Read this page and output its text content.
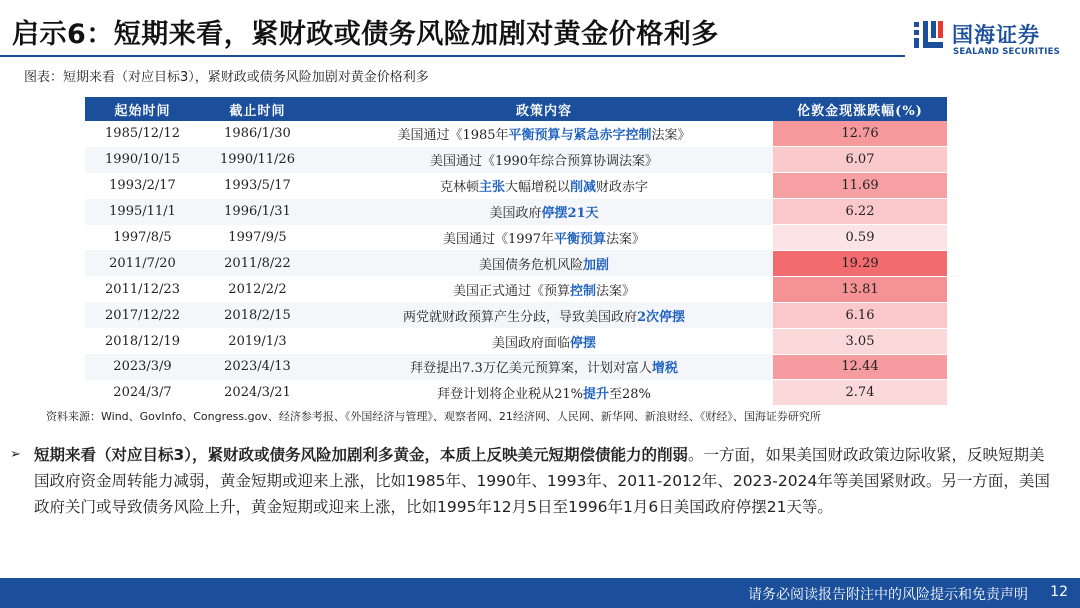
启示6：短期来看，紧财政或债务风险加剧对黄金价格利多	国海证券
SEALAND SECURITIES
图表：短期来看（对应目标3），紧财政或债务风险加剧对黄金价格利多
起始时间	截止时间	政策内容	伦敦金现涨跌幅(%)
1985/12/12	1986/1/30	美国通过《1985年平衡预算与紧急赤字控制法案》	12.76
1990/10/15	1990/11/26	美国通过《1990年综合预算协调法案》	6.07
1993/2/17	1993/5/17	克林顿主张大幅增税以削减财政赤字	11.69
1995/11/1	1996/1/31	美国政府停摆21天	6.22
1997/8/5	1997/9/5	美国通过《1997年平衡预算法案》	0.59
2011/7/20	2011/8/22	美国债务危机风险加剧	19.29
2011/12/23	2012/2/2	美国正式通过《预算控制法案》	13.81
2017/12/22	2018/2/15	两党就财政预算产生分歧，导致美国政府2次停摆	6.16
2018/12/19	2019/1/3	美国政府面临停摆	3.05
2023/3/9	2023/4/13	拜登提出7.3万亿美元预算案，计划对富人增税	12.44
2024/3/7	2024/3/21	拜登计划将企业税从21%提升至28%	2.74
资料来源：Wind、GovInfo、Congress.gov、经济参考报、《外国经济与管理》、观察者网、21经济网、人民网、新华网、新浪财经、《财经》、国海证券研究所
➢ 短期来看（对应目标3），紧财政或债务风险加剧利多黄金，本质上反映美元短期偿债能力的削弱。一方面，如果美国财政政策边际收紧，反映短期美国政府资金周转能力减弱，黄金短期或迎来上涨，比如1985年、1990年、1993年、2011-2012年、2023-2024年等美国紧财政。另一方面，美国政府关门或导致债务风险上升，黄金短期或迎来上涨，比如1995年12月5日至1996年1月6日美国政府停摆21天等。
请务必阅读报告附注中的风险提示和免责声明 12
